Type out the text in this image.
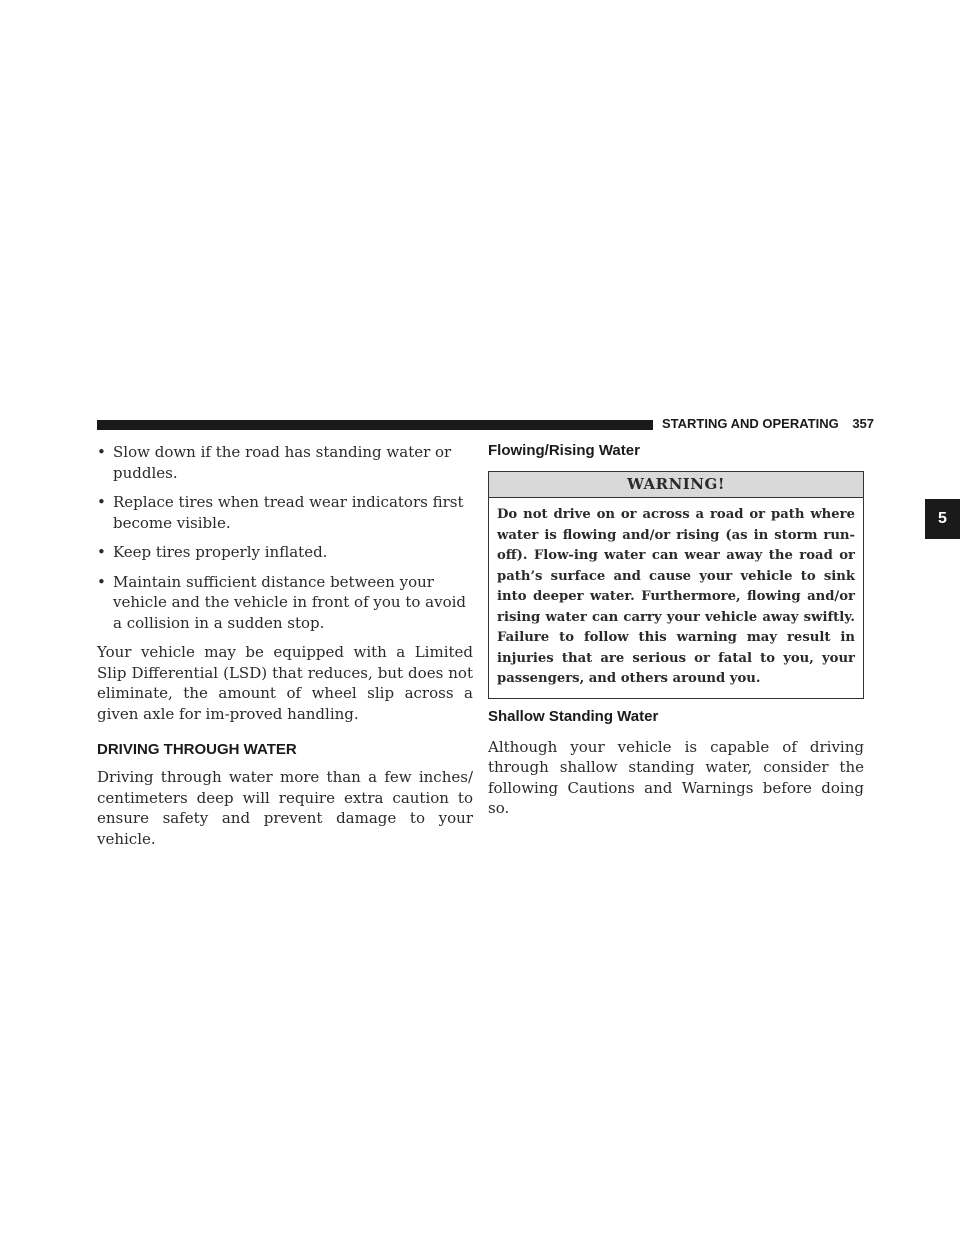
STARTING AND OPERATING 357
5
• Slow down if the road has standing water or puddles.
• Replace tires when tread wear indicators first become visible.
• Keep tires properly inflated.
• Maintain sufficient distance between your vehicle and the vehicle in front of you to avoid a collision in a sudden stop.

Your vehicle may be equipped with a Limited Slip Differential (LSD) that reduces, but does not eliminate, the amount of wheel slip across a given axle for im-proved handling.

DRIVING THROUGH WATER

Driving through water more than a few inches/ centimeters deep will require extra caution to ensure safety and prevent damage to your vehicle.

Flowing/Rising Water
WARNING!
Do not drive on or across a road or path where water is flowing and/or rising (as in storm run-off). Flow-ing water can wear away the road or path’s surface and cause your vehicle to sink into deeper water. Furthermore, flowing and/or rising water can carry your vehicle away swiftly. Failure to follow this warning may result in injuries that are serious or fatal to you, your passengers, and others around you.
Shallow Standing Water

Although your vehicle is capable of driving through shallow standing water, consider the following Cautions and Warnings before doing so.
